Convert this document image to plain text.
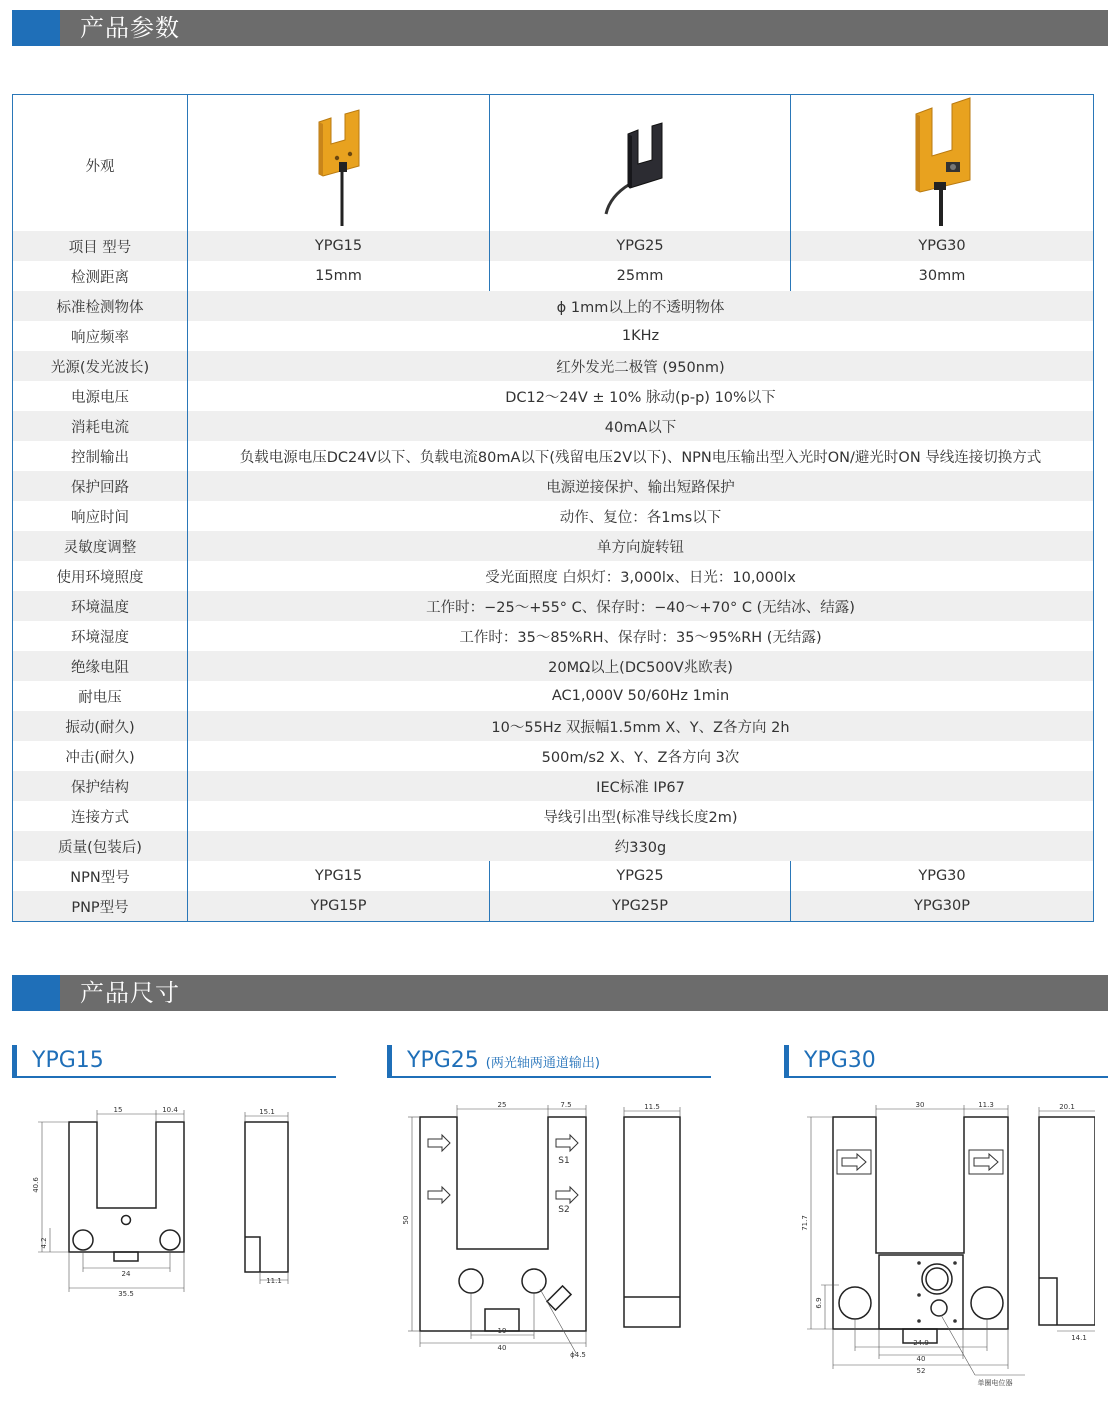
产品参数
外观			
项目 型号	YPG15	YPG25	YPG30
检测距离	15mm	25mm	30mm
标准检测物体	ϕ 1mm以上的不透明物体		
响应频率	1KHz		
光源(发光波长)	红外发光二极管 (950nm)		
电源电压	DC12～24V ± 10% 脉动(p-p) 10%以下		
消耗电流	40mA以下		
控制输出	负载电源电压DC24V以下、负载电流80mA以下(残留电压2V以下)、NPN电压输出型入光时ON/避光时ON 导线连接切换方式		
保护回路	电源逆接保护、输出短路保护		
响应时间	动作、复位：各1ms以下		
灵敏度调整	单方向旋转钮		
使用环境照度	受光面照度 白炽灯：3,000lx、日光：10,000lx		
环境温度	工作时：−25～+55° C、保存时：−40～+70° C (无结冰、结露)		
环境湿度	工作时：35～85%RH、保存时：35～95%RH (无结露)		
绝缘电阻	20MΩ以上(DC500V兆欧表)		
耐电压	AC1,000V 50/60Hz 1min		
振动(耐久)	10～55Hz 双振幅1.5mm X、Y、Z各方向 2h		
冲击(耐久)	500m/s2 X、Y、Z各方向 3次		
保护结构	IEC标准 IP67		
连接方式	导线引出型(标准导线长度2m)		
质量(包装后)	约330g		
NPN型号	YPG15	YPG25	YPG30
PNP型号	YPG15P	YPG25P	YPG30P
产品尺寸
YPG15	YPG25 (两光轴两通道输出)	YPG30
15	10.4
40.6
4.2
24
35.5
15.1
11.1
25	7.5
50
19
40
ϕ4.5
11.5
S1
S2
30	11.3
71.7
6.9
24.9
40
52
20.1
14.1
单圈电位器
